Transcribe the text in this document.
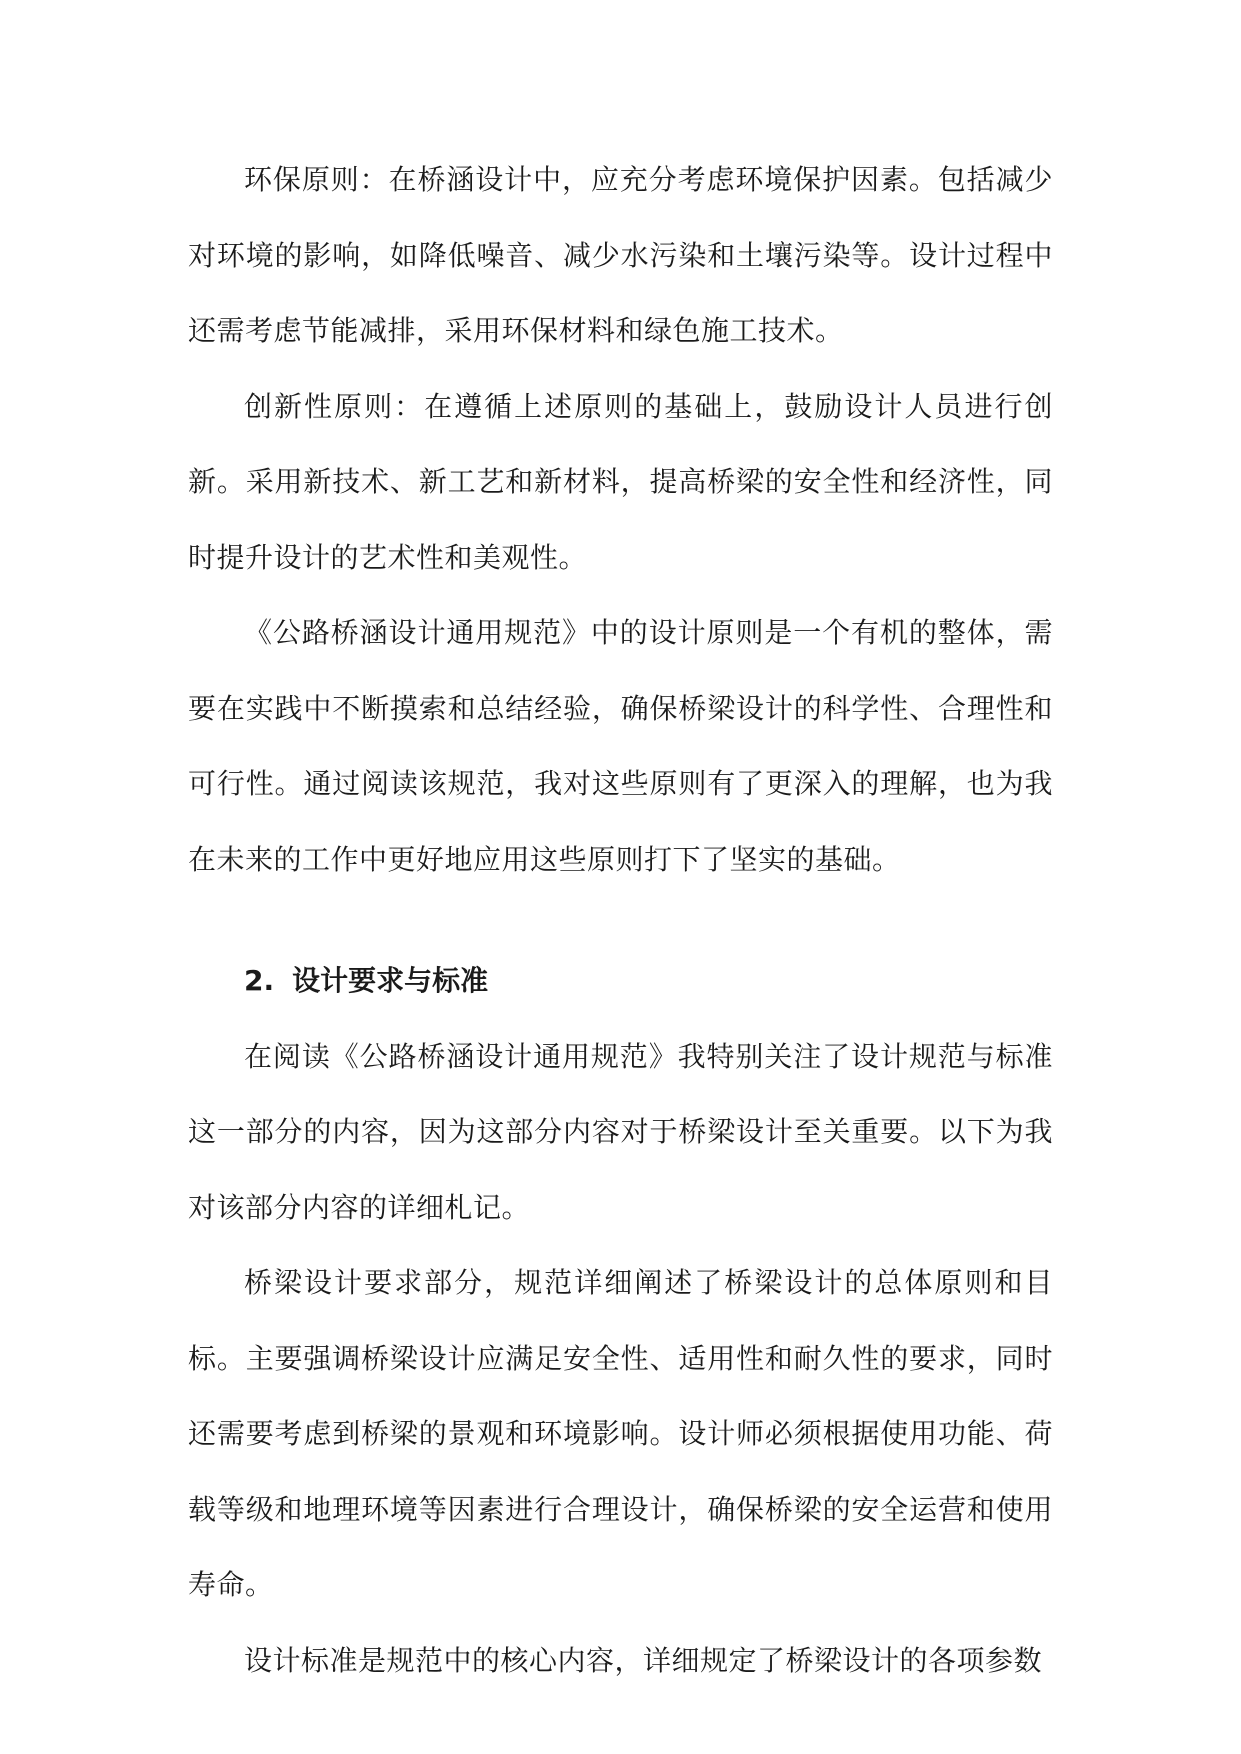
环保原则：在桥涵设计中，应充分考虑环境保护因素。包括减少对环境的影响，如降低噪音、减少水污染和土壤污染等。设计过程中还需考虑节能减排，采用环保材料和绿色施工技术。

创新性原则：在遵循上述原则的基础上，鼓励设计人员进行创新。采用新技术、新工艺和新材料，提高桥梁的安全性和经济性，同时提升设计的艺术性和美观性。

《公路桥涵设计通用规范》中的设计原则是一个有机的整体，需要在实践中不断摸索和总结经验，确保桥梁设计的科学性、合理性和可行性。通过阅读该规范，我对这些原则有了更深入的理解，也为我在未来的工作中更好地应用这些原则打下了坚实的基础。

2. 设计要求与标准

在阅读《公路桥涵设计通用规范》我特别关注了设计规范与标准这一部分的内容，因为这部分内容对于桥梁设计至关重要。以下为我对该部分内容的详细札记。

桥梁设计要求部分，规范详细阐述了桥梁设计的总体原则和目标。主要强调桥梁设计应满足安全性、适用性和耐久性的要求，同时还需要考虑到桥梁的景观和环境影响。设计师必须根据使用功能、荷载等级和地理环境等因素进行合理设计，确保桥梁的安全运营和使用寿命。

设计标准是规范中的核心内容，详细规定了桥梁设计的各项参数
